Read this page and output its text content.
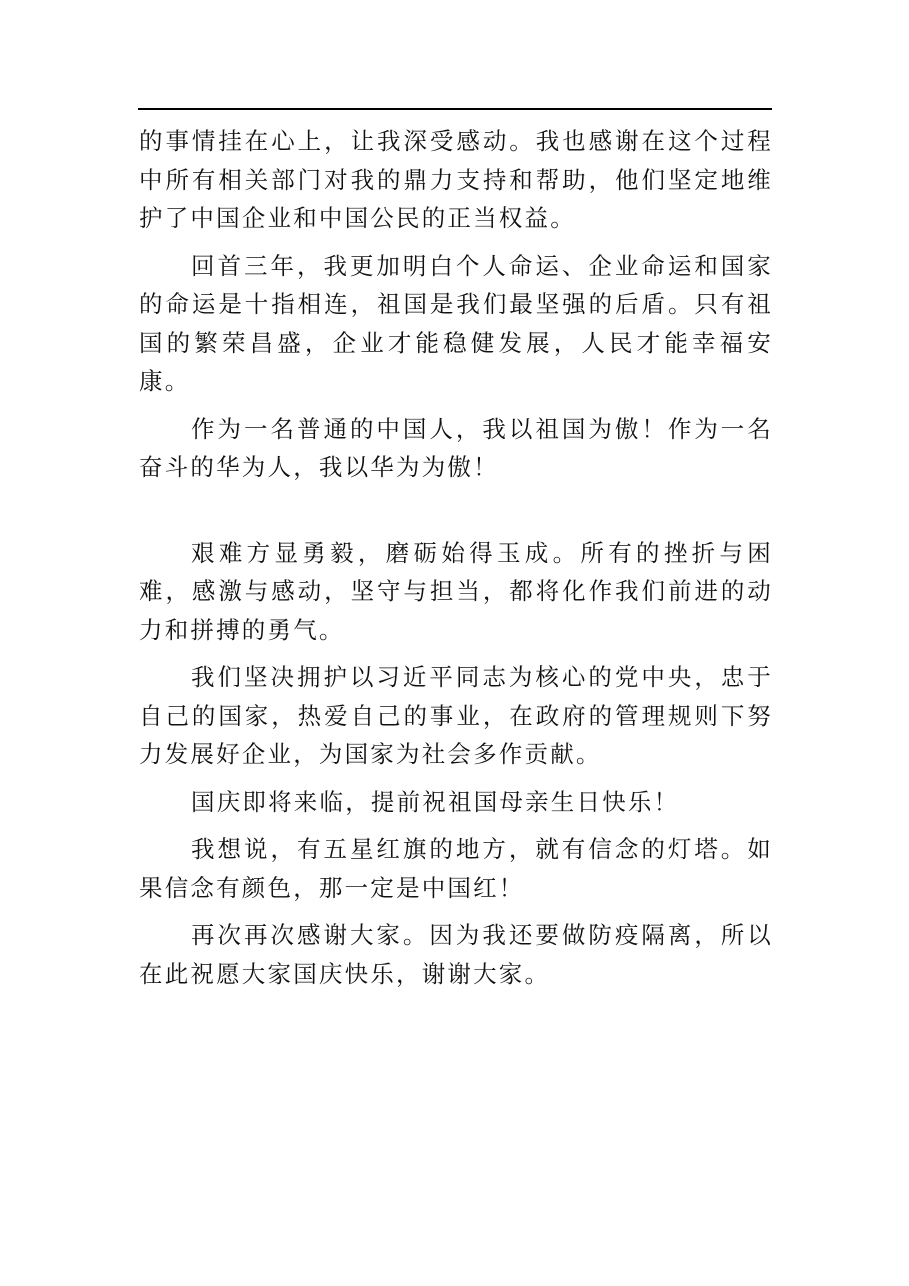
的事情挂在心上，让我深受感动。我也感谢在这个过程中所有相关部门对我的鼎力支持和帮助，他们坚定地维护了中国企业和中国公民的正当权益。

回首三年，我更加明白个人命运、企业命运和国家的命运是十指相连，祖国是我们最坚强的后盾。只有祖国的繁荣昌盛，企业才能稳健发展，人民才能幸福安康。

作为一名普通的中国人，我以祖国为傲！作为一名奋斗的华为人，我以华为为傲！

艰难方显勇毅，磨砺始得玉成。所有的挫折与困难，感激与感动，坚守与担当，都将化作我们前进的动力和拼搏的勇气。

我们坚决拥护以习近平同志为核心的党中央，忠于自己的国家，热爱自己的事业，在政府的管理规则下努力发展好企业，为国家为社会多作贡献。

国庆即将来临，提前祝祖国母亲生日快乐！

我想说，有五星红旗的地方，就有信念的灯塔。如果信念有颜色，那一定是中国红！

再次再次感谢大家。因为我还要做防疫隔离，所以在此祝愿大家国庆快乐，谢谢大家。
